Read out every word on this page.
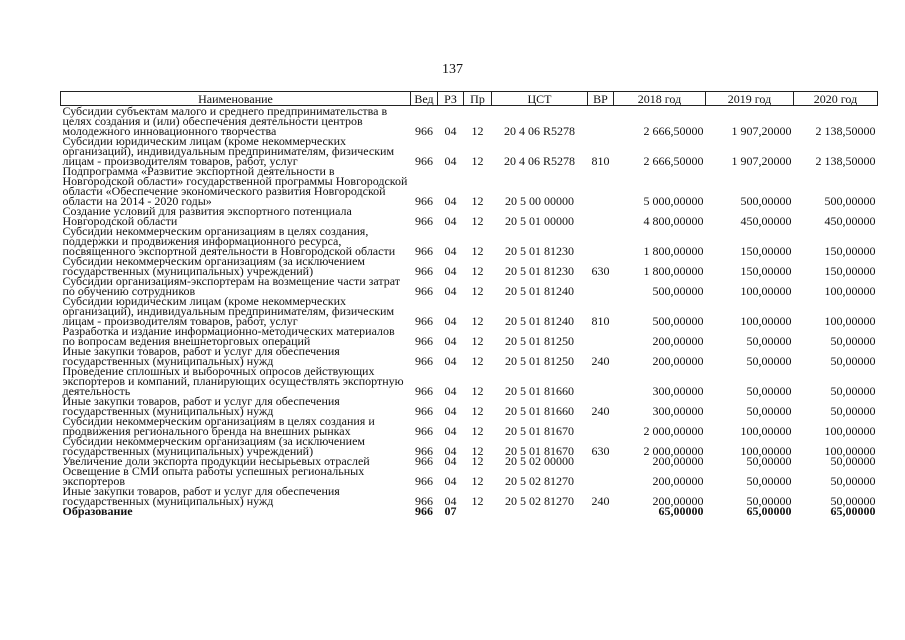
137
Наименование	Вед	РЗ	Пр	ЦСТ	ВР	2018 год	2019 год	2020 год
Субсидии субъектам малого и среднего предпринимательства в целях создания и (или) обеспечения деятельности центров молодежного инновационного творчества	966	04	12	20 4 06 R5278		2 666,50000	1 907,20000	2 138,50000
Субсидии юридическим лицам (кроме некоммерческих организаций), индивидуальным предпринимателям, физическим лицам - производителям товаров, работ, услуг	966	04	12	20 4 06 R5278	810	2 666,50000	1 907,20000	2 138,50000
Подпрограмма «Развитие экспортной деятельности в Новгородской области» государственной программы Новгородской области «Обеспечение экономического развития Новгородской области на 2014 - 2020 годы»	966	04	12	20 5 00 00000		5 000,00000	500,00000	500,00000
Создание условий для развития экспортного потенциала Новгородской области	966	04	12	20 5 01 00000		4 800,00000	450,00000	450,00000
Субсидии некоммерческим организациям в целях создания, поддержки и продвижения информационного ресурса, посвященного экспортной деятельности в Новгородской области	966	04	12	20 5 01 81230		1 800,00000	150,00000	150,00000
Субсидии некоммерческим организациям (за исключением государственных (муниципальных) учреждений)	966	04	12	20 5 01 81230	630	1 800,00000	150,00000	150,00000
Субсидии организациям-экспортерам на возмещение части затрат по обучению сотрудников	966	04	12	20 5 01 81240		500,00000	100,00000	100,00000
Субсидии юридическим лицам (кроме некоммерческих организаций), индивидуальным предпринимателям, физическим лицам - производителям товаров, работ, услуг	966	04	12	20 5 01 81240	810	500,00000	100,00000	100,00000
Разработка и издание информационно-методических материалов по вопросам ведения внешнеторговых операций	966	04	12	20 5 01 81250		200,00000	50,00000	50,00000
Иные закупки товаров, работ и услуг для обеспечения государственных (муниципальных) нужд	966	04	12	20 5 01 81250	240	200,00000	50,00000	50,00000
Проведение сплошных и выборочных опросов действующих экспортеров и компаний, планирующих осуществлять экспортную деятельность	966	04	12	20 5 01 81660		300,00000	50,00000	50,00000
Иные закупки товаров, работ и услуг для обеспечения государственных (муниципальных) нужд	966	04	12	20 5 01 81660	240	300,00000	50,00000	50,00000
Субсидии некоммерческим организациям в целях создания и продвижения регионального бренда на внешних рынках	966	04	12	20 5 01 81670		2 000,00000	100,00000	100,00000
Субсидии некоммерческим организациям (за исключением государственных (муниципальных) учреждений)	966	04	12	20 5 01 81670	630	2 000,00000	100,00000	100,00000
Увеличение доли экспорта продукции несырьевых отраслей	966	04	12	20 5 02 00000		200,00000	50,00000	50,00000
Освещение в СМИ опыта работы успешных региональных экспортеров	966	04	12	20 5 02 81270		200,00000	50,00000	50,00000
Иные закупки товаров, работ и услуг для обеспечения государственных (муниципальных) нужд	966	04	12	20 5 02 81270	240	200,00000	50,00000	50,00000
Образование	966	07				65,00000	65,00000	65,00000
